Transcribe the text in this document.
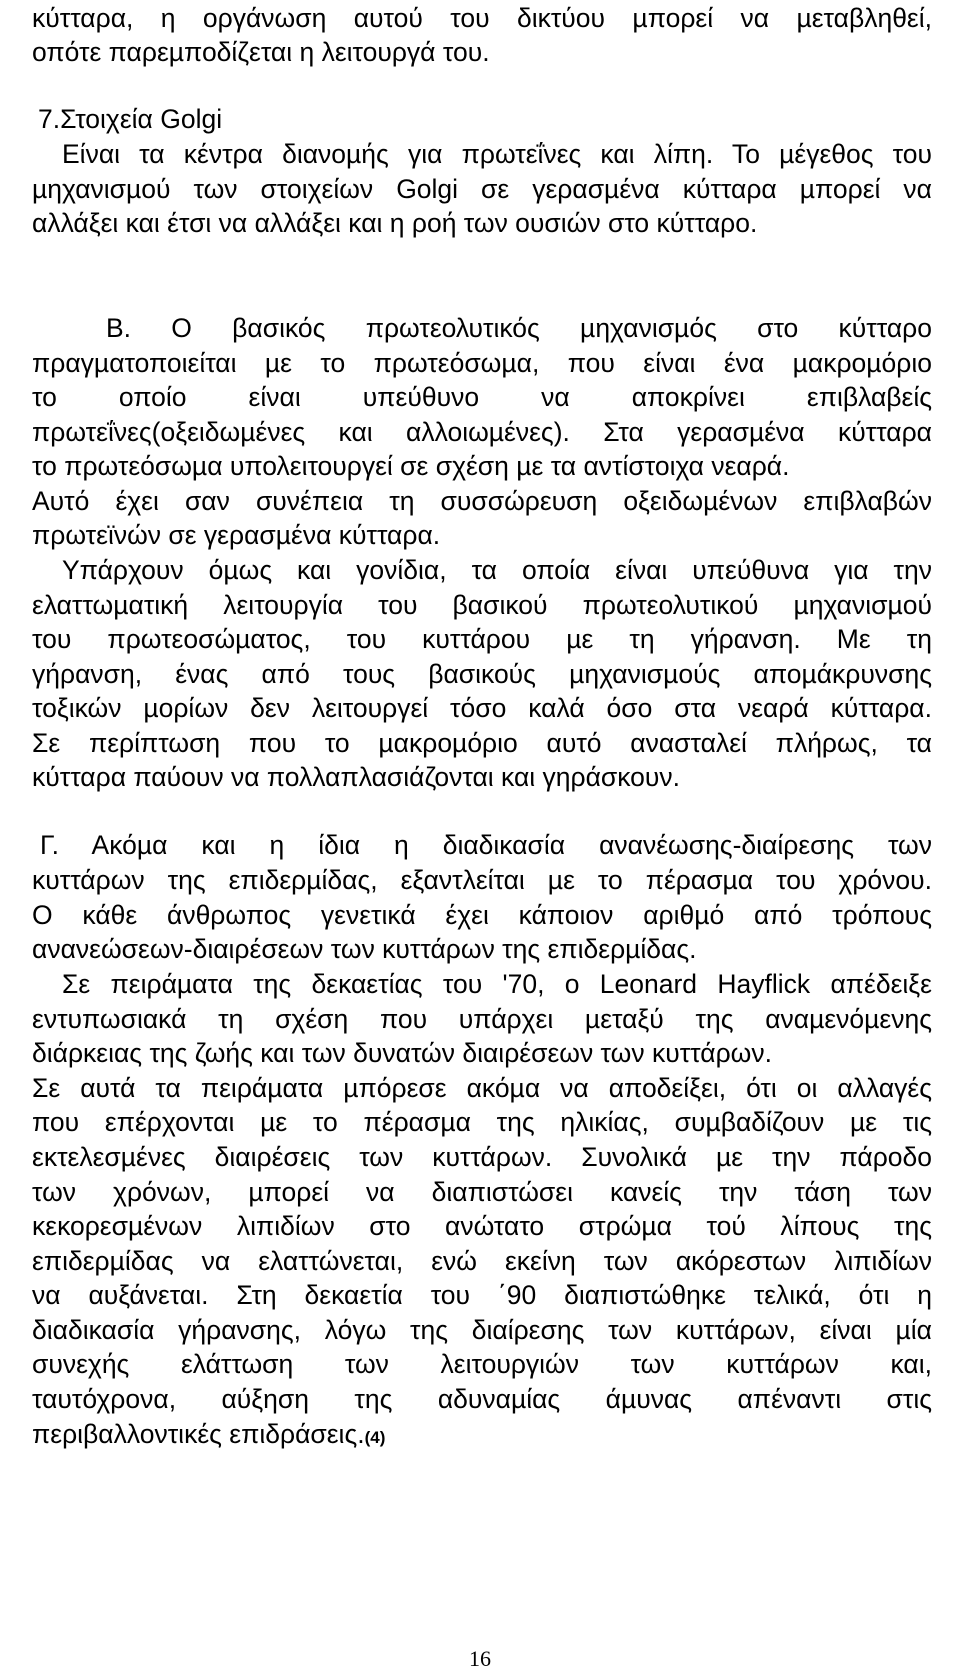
κύτταρα, η οργάνωση αυτού του δικτύου µπορεί να µεταβληθεί,

οπότε παρεµποδίζεται η λειτουργά του.

7.Στοιχεία Golgi

Είναι τα κέντρα διανοµής για πρωτεΐνες και λίπη. Το µέγεθος του

µηχανισµού των στοιχείων Golgi σε γερασµένα κύτταρα µπορεί να

αλλάξει και έτσι να αλλάξει και η ροή των ουσιών στο κύτταρο.

Β. Ο βασικός πρωτεολυτικός µηχανισµός στο κύτταρο

πραγµατοποιείται µε το πρωτεόσωµα, που είναι ένα µακροµόριο

το οποίο είναι υπεύθυνο να αποκρίνει επιβλαβείς

πρωτεΐνες(οξειδωµένες και αλλοιωµένες). Στα γερασµένα κύτταρα

το πρωτεόσωµα υπολειτουργεί σε σχέση µε τα αντίστοιχα νεαρά.

Αυτό έχει σαν συνέπεια τη συσσώρευση οξειδωµένων επιβλαβών

πρωτεϊνών σε γερασµένα κύτταρα.

Υπάρχουν όµως και γονίδια, τα οποία είναι υπεύθυνα για την

ελαττωµατική λειτουργία του βασικού πρωτεολυτικού µηχανισµού

του πρωτεοσώµατος, του κυττάρου µε τη γήρανση. Με τη

γήρανση, ένας από τους βασικούς µηχανισµούς αποµάκρυνσης

τοξικών µορίων δεν λειτουργεί τόσο καλά όσο στα νεαρά κύτταρα.

Σε περίπτωση που το µακροµόριο αυτό ανασταλεί πλήρως, τα

κύτταρα παύουν να πολλαπλασιάζονται και γηράσκουν.

Γ. Ακόµα και η ίδια η διαδικασία ανανέωσης-διαίρεσης των

κυττάρων της επιδερµίδας, εξαντλείται µε το πέρασµα του χρόνου.

Ο κάθε άνθρωπος γενετικά έχει κάποιον αριθµό από τρόπους

ανανεώσεων-διαιρέσεων των κυττάρων της επιδερµίδας.

Σε πειράµατα της δεκαετίας του '70, ο Leonard Hayflick απέδειξε

εντυπωσιακά τη σχέση που υπάρχει µεταξύ της αναµενόµενης

διάρκειας της ζωής και των δυνατών διαιρέσεων των κυττάρων.

Σε αυτά τα πειράµατα µπόρεσε ακόµα να αποδείξει, ότι οι αλλαγές

που επέρχονται µε το πέρασµα της ηλικίας, συµβαδίζουν µε τις

εκτελεσµένες διαιρέσεις των κυττάρων. Συνολικά µε την πάροδο

των χρόνων, µπορεί να διαπιστώσει κανείς την τάση των

κεκορεσµένων λιπιδίων στο ανώτατο στρώµα τού λίπους της

επιδερµίδας να ελαττώνεται, ενώ εκείνη των ακόρεστων λιπιδίων

να αυξάνεται. Στη δεκαετία του ΄90 διαπιστώθηκε τελικά, ότι η

διαδικασία γήρανσης, λόγω της διαίρεσης των κυττάρων, είναι µία

συνεχής ελάττωση των λειτουργιών των κυττάρων και,

ταυτόχρονα, αύξηση της αδυναµίας άµυνας απέναντι στις

περιβαλλοντικές επιδράσεις.(4)

16
